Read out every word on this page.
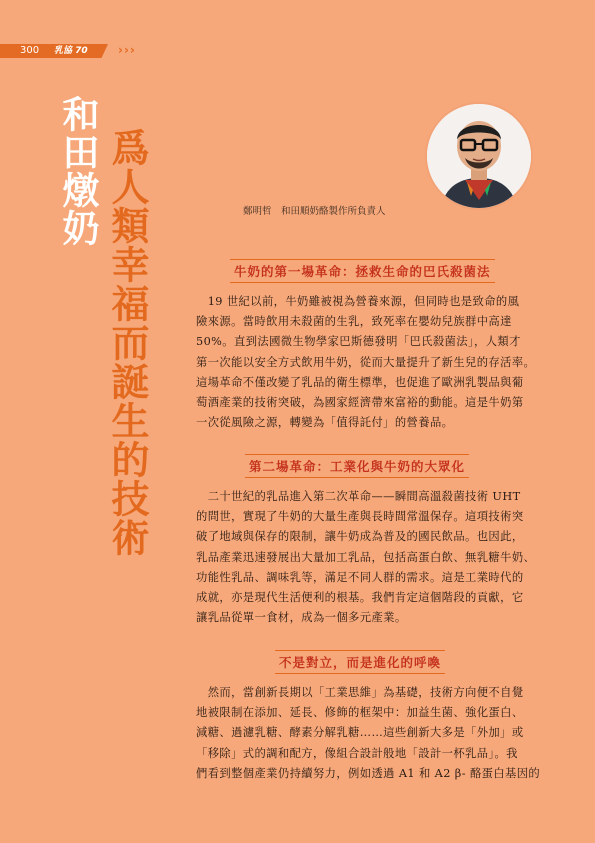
300 乳協 70	›››
和田燉奶 爲人類幸福而誕生的技術	鄭明哲　和田順奶酪製作所負責人
牛奶的第一場革命：拯救生命的巴氏殺菌法
　19 世紀以前，牛奶雖被視為營養來源，但同時也是致命的風
險來源。當時飲用未殺菌的生乳，致死率在嬰幼兒族群中高達
50%。直到法國微生物學家巴斯德發明「巴氏殺菌法」，人類才
第一次能以安全方式飲用牛奶，從而大量提升了新生兒的存活率。
這場革命不僅改變了乳品的衛生標準，也促進了歐洲乳製品與葡
萄酒產業的技術突破，為國家經濟帶來富裕的動能。這是牛奶第
一次從風險之源，轉變為「值得託付」的營養品。
第二場革命：工業化與牛奶的大眾化
　二十世紀的乳品進入第二次革命——瞬間高溫殺菌技術 UHT
的問世，實現了牛奶的大量生產與長時間常溫保存。這項技術突
破了地域與保存的限制，讓牛奶成為普及的國民飲品。也因此，
乳品產業迅速發展出大量加工乳品，包括高蛋白飲、無乳糖牛奶、
功能性乳品、調味乳等，滿足不同人群的需求。這是工業時代的
成就，亦是現代生活便利的根基。我們肯定這個階段的貢獻，它
讓乳品從單一食材，成為一個多元產業。
不是對立，而是進化的呼喚
　然而，當創新長期以「工業思維」為基礎，技術方向便不自覺
地被限制在添加、延長、修飾的框架中：加益生菌、強化蛋白、
減糖、過濾乳糖、酵素分解乳糖……這些創新大多是「外加」或
「移除」式的調和配方，像組合設計般地「設計一杯乳品」。我
們看到整個產業仍持續努力，例如透過 A1 和 A2 β- 酪蛋白基因的
